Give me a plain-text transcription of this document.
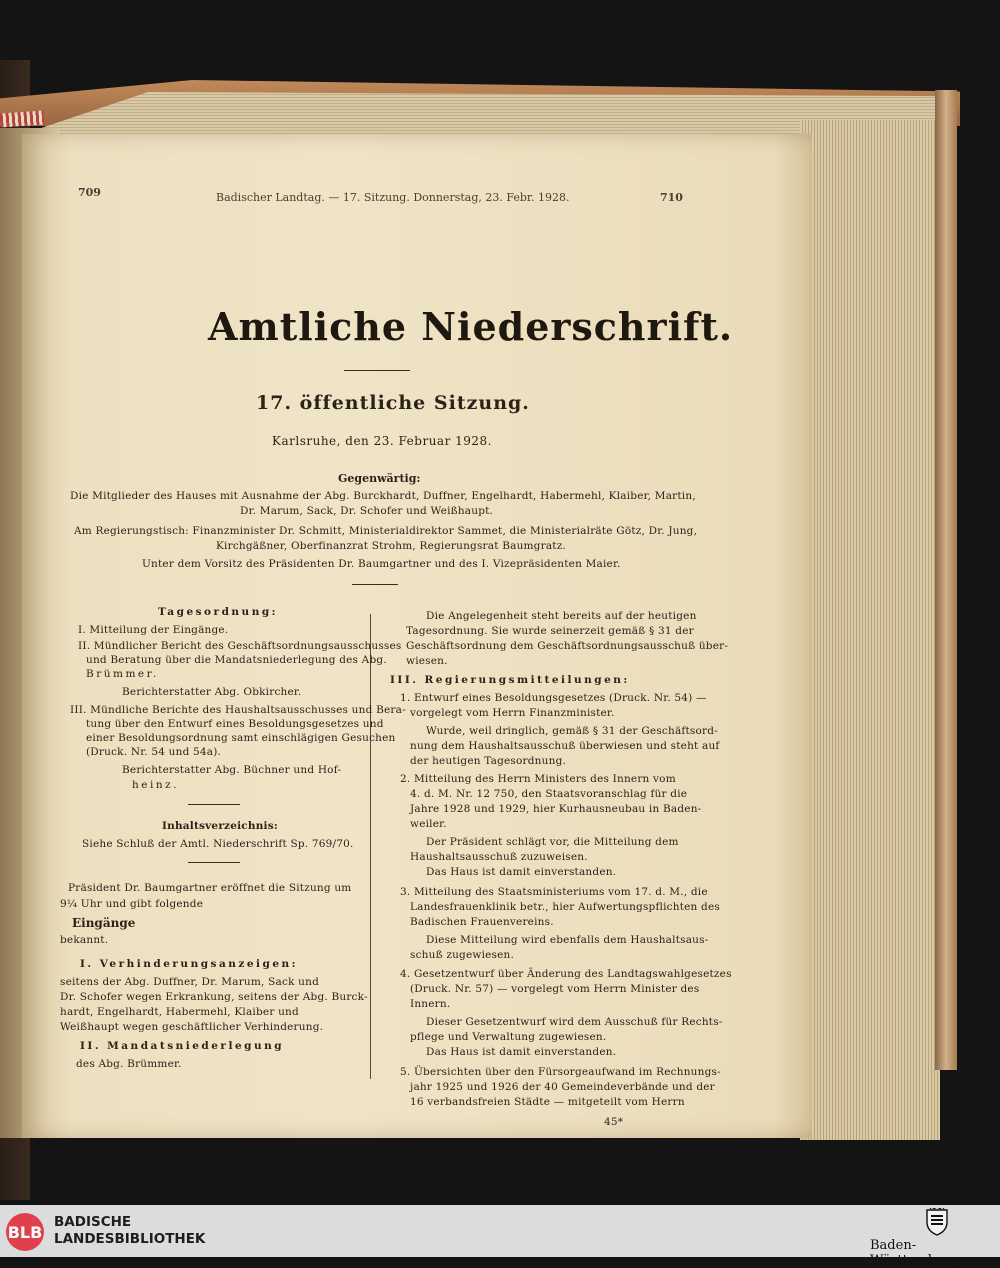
709	Badischer Landtag. — 17. Sitzung. Donnerstag, 23. Febr. 1928.	710
Amtliche Niederschrift.
17. öffentliche Sitzung.
Karlsruhe, den 23. Februar 1928.
Gegenwärtig:
Die Mitglieder des Hauses mit Ausnahme der Abg. Burckhardt, Duffner, Engelhardt, Habermehl, Klaiber, Martin,
Dr. Marum, Sack, Dr. Schofer und Weißhaupt.
Am Regierungstisch: Finanzminister Dr. Schmitt, Ministerialdirektor Sammet, die Ministerialräte Götz, Dr. Jung,
Kirchgäßner, Oberfinanzrat Strohm, Regierungsrat Baumgratz.
Unter dem Vorsitz des Präsidenten Dr. Baumgartner und des I. Vizepräsidenten Maier.
Tagesordnung:
I. Mitteilung der Eingänge.
II. Mündlicher Bericht des Geschäftsordnungsausschusses
und Beratung über die Mandatsniederlegung des Abg.
Brümmer.
Berichterstatter Abg. Obkircher.
III. Mündliche Berichte des Haushaltsausschusses und Bera-
tung über den Entwurf eines Besoldungsgesetzes und
einer Besoldungsordnung samt einschlägigen Gesuchen
(Druck. Nr. 54 und 54a).
Berichterstatter Abg. Büchner und Hof-
heinz.
Inhaltsverzeichnis:
Siehe Schluß der Amtl. Niederschrift Sp. 769/70.
Präsident Dr. Baumgartner eröffnet die Sitzung um
9¼ Uhr und gibt folgende
Eingänge
bekannt.
I. Verhinderungsanzeigen:
seitens der Abg. Duffner, Dr. Marum, Sack und
Dr. Schofer wegen Erkrankung, seitens der Abg. Burck-
hardt, Engelhardt, Habermehl, Klaiber und
Weißhaupt wegen geschäftlicher Verhinderung.
II. Mandatsniederlegung
des Abg. Brümmer.
Die Angelegenheit steht bereits auf der heutigen
Tagesordnung. Sie wurde seinerzeit gemäß § 31 der
Geschäftsordnung dem Geschäftsordnungsausschuß über-
wiesen.
III. Regierungsmitteilungen:
1. Entwurf eines Besoldungsgesetzes (Druck. Nr. 54) —
vorgelegt vom Herrn Finanzminister.
Wurde, weil dringlich, gemäß § 31 der Geschäftsord-
nung dem Haushaltsausschuß überwiesen und steht auf
der heutigen Tagesordnung.
2. Mitteilung des Herrn Ministers des Innern vom
4. d. M. Nr. 12 750, den Staatsvoranschlag für die
Jahre 1928 und 1929, hier Kurhausneubau in Baden-
weiler.
Der Präsident schlägt vor, die Mitteilung dem
Haushaltsausschuß zuzuweisen.
Das Haus ist damit einverstanden.
3. Mitteilung des Staatsministeriums vom 17. d. M., die
Landesfrauenklinik betr., hier Aufwertungspflichten des
Badischen Frauenvereins.
Diese Mitteilung wird ebenfalls dem Haushaltsaus-
schuß zugewiesen.
4. Gesetzentwurf über Änderung des Landtagswahlgesetzes
(Druck. Nr. 57) — vorgelegt vom Herrn Minister des
Innern.
Dieser Gesetzentwurf wird dem Ausschuß für Rechts-
pflege und Verwaltung zugewiesen.
Das Haus ist damit einverstanden.
5. Übersichten über den Fürsorgeaufwand im Rechnungs-
jahr 1925 und 1926 der 40 Gemeindeverbände und der
16 verbandsfreien Städte — mitgeteilt vom Herrn
45*
BLB
BADISCHE
LANDESBIBLIOTHEK	Baden-Württemberg
